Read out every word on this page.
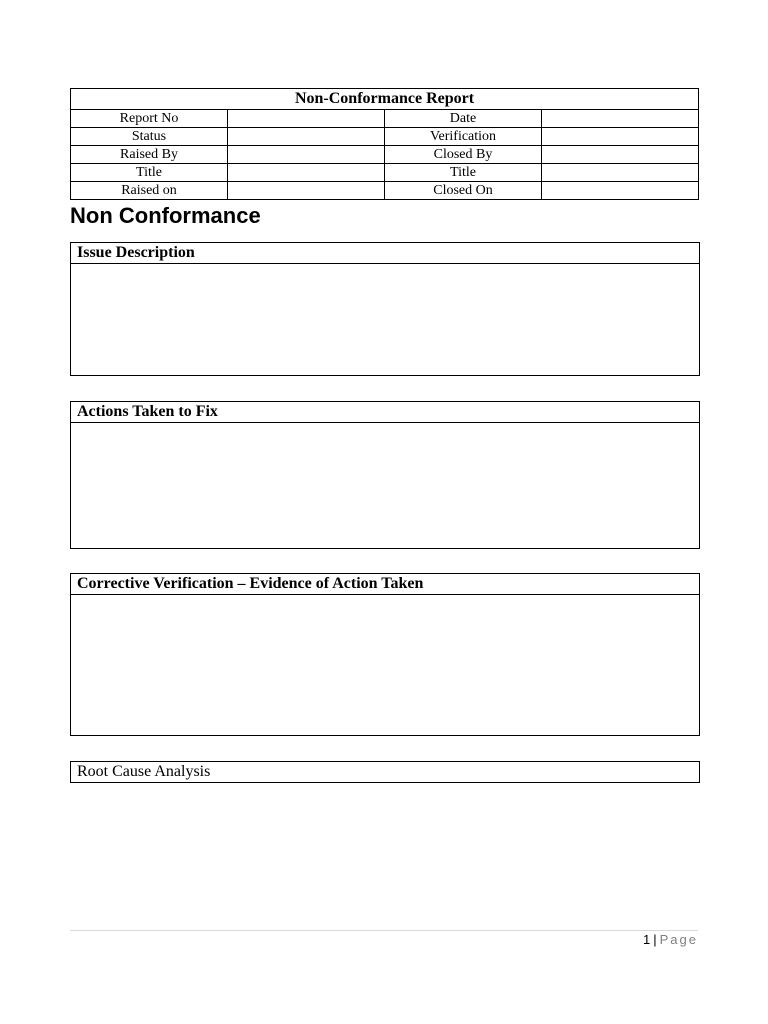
Non-Conformance Report			
Report No		Date	
Status		Verification	
Raised By		Closed By	
Title		Title	
Raised on		Closed On	
Non Conformance
Issue Description
Actions Taken to Fix
Corrective Verification – Evidence of Action Taken
Root Cause Analysis
1 | Page
